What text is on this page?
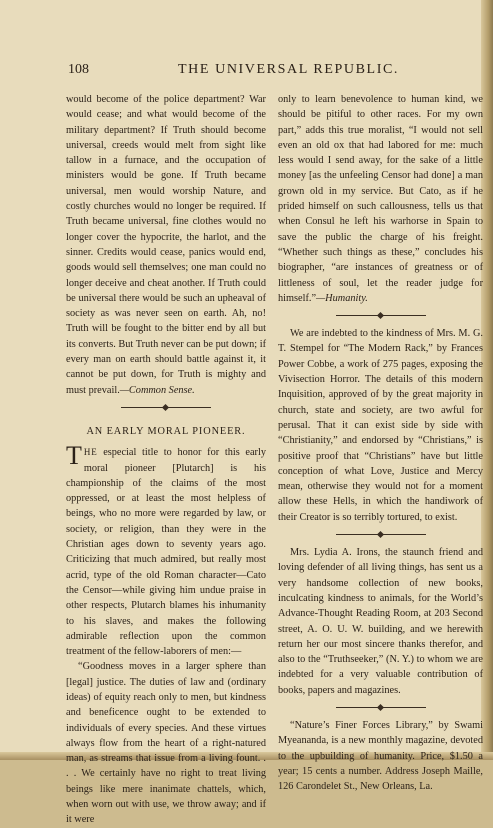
108	THE UNIVERSAL REPUBLIC.

would become of the police department? War would cease; and what would become of the military department? If Truth should become universal, creeds would melt from sight like tallow in a furnace, and the occupation of ministers would be gone. If Truth became universal, men would worship Nature, and costly churches would no longer be required. If Truth became universal, fine clothes would no longer cover the hypocrite, the harlot, and the sinner. Credits would cease, panics would end, goods would sell themselves; one man could no longer deceive and cheat another. If Truth could be universal there would be such an upheaval of society as was never seen on earth. Ah, no! Truth will be fought to the bitter end by all but its converts. But Truth never can be put down; if every man on earth should battle against it, it cannot be put down, for Truth is mighty and must prevail.—Common Sense.

AN EARLY MORAL PIONEER.

THE especial title to honor for this early moral pioneer [Plutarch] is his championship of the claims of the most oppressed, or at least the most helpless of beings, who no more were regarded by law, or society, or religion, than they were in the Christian ages down to seventy years ago. Criticizing that much admired, but really most acrid, type of the old Roman character—Cato the Censor—while giving him undue praise in other respects, Plutarch blames his inhumanity to his slaves, and makes the following admirable reflection upon the common treatment of the fellow-laborers of men:—

“Goodness moves in a larger sphere than [legal] justice. The duties of law and (ordinary ideas) of equity reach only to men, but kindness and beneficence ought to be extended to individuals of every species. And these virtues always flow from the heart of a right-natured man, as streams that issue from a living fount. . . . We certainly have no right to treat living beings like mere inanimate chattels, which, when worn out with use, we throw away; and if it were

only to learn benevolence to human kind, we should be pitiful to other races. For my own part,” adds this true moralist, “I would not sell even an old ox that had labored for me: much less would I send away, for the sake of a little money [as the unfeeling Censor had done] a man grown old in my service. But Cato, as if he prided himself on such callousness, tells us that when Consul he left his warhorse in Spain to save the public the charge of his freight. “Whether such things as these,” concludes his biographer, “are instances of greatness or of littleness of soul, let the reader judge for himself.”—Humanity.

We are indebted to the kindness of Mrs. M. G. T. Stempel for “The Modern Rack,” by Frances Power Cobbe, a work of 275 pages, exposing the Vivisection Horror. The details of this modern Inquisition, approved of by the great majority in church, state and society, are two awful for perusal. That it can exist side by side with “Christianity,” and endorsed by “Christians,” is positive proof that “Christians” have but little conception of what Love, Justice and Mercy mean, otherwise they would not for a moment allow these Hells, in which the handiwork of their Creator is so terribly tortured, to exist.

Mrs. Lydia A. Irons, the staunch friend and loving defender of all living things, has sent us a very handsome collection of new books, inculcating kindness to animals, for the World’s Advance-Thought Reading Room, at 203 Second street, A. O. U. W. building, and we herewith return her our most sincere thanks therefor, and also to the “Truthseeker,” (N. Y.) to whom we are indebted for a very valuable contribution of books, papers and magazines.

“Nature’s Finer Forces Library,” by Swami Myeananda, is a new monthly magazine, devoted to the upbuilding of humanity. Price, $1.50 a year; 15 cents a number. Address Joseph Maille, 126 Carondelet St., New Orleans, La.
